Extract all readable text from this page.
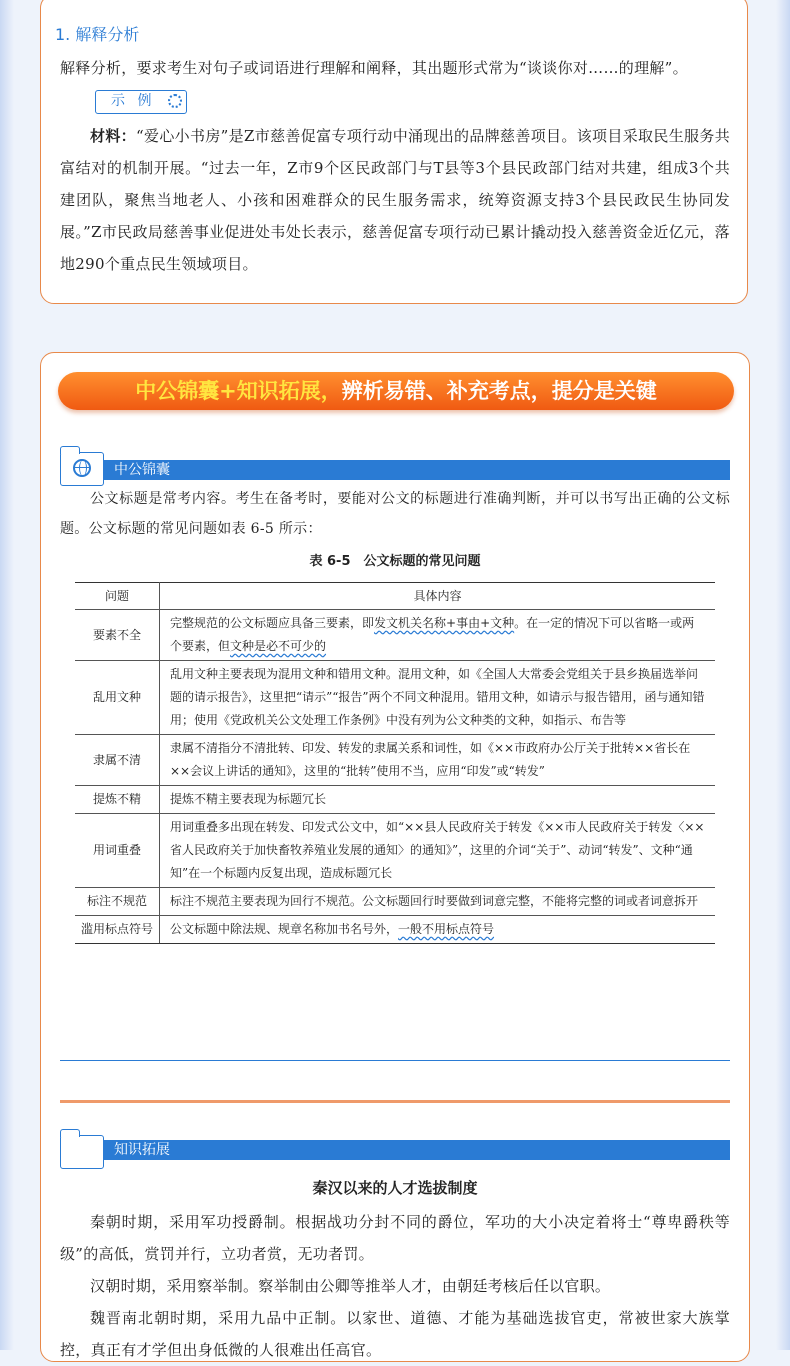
1. 解释分析
解释分析，要求考生对句子或词语进行理解和阐释，其出题形式常为“谈谈你对……的理解”。
示 例
材料：“爱心小书房”是Z市慈善促富专项行动中涌现出的品牌慈善项目。该项目采取民生服务共富结对的机制开展。“过去一年，Z市9个区民政部门与T县等3个县民政部门结对共建，组成3个共建团队，聚焦当地老人、小孩和困难群众的民生服务需求，统筹资源支持3个县民政民生协同发展。”Z市民政局慈善事业促进处韦处长表示，慈善促富专项行动已累计撬动投入慈善资金近亿元，落地290个重点民生领域项目。
中公锦囊+知识拓展，辨析易错、补充考点，提分是关键
中公锦囊
公文标题是常考内容。考生在备考时，要能对公文的标题进行准确判断，并可以书写出正确的公文标题。公文标题的常见问题如表 6-5 所示：
表 6-5　公文标题的常见问题
问题	具体内容
要素不全	完整规范的公文标题应具备三要素，即发文机关名称+事由+文种。在一定的情况下可以省略一或两个要素，但文种是必不可少的
乱用文种	乱用文种主要表现为混用文种和错用文种。混用文种，如《全国人大常委会党组关于县乡换届选举问题的请示报告》，这里把“请示”“报告”两个不同文种混用。错用文种，如请示与报告错用，函与通知错用；使用《党政机关公文处理工作条例》中没有列为公文种类的文种，如指示、布告等
隶属不清	隶属不清指分不清批转、印发、转发的隶属关系和词性，如《××市政府办公厅关于批转××省长在××会议上讲话的通知》，这里的“批转”使用不当，应用“印发”或“转发”
提炼不精	提炼不精主要表现为标题冗长
用词重叠	用词重叠多出现在转发、印发式公文中，如“××县人民政府关于转发《××市人民政府关于转发〈××省人民政府关于加快畜牧养殖业发展的通知〉的通知》”，这里的介词“关于”、动词“转发”、文种“通知”在一个标题内反复出现，造成标题冗长
标注不规范	标注不规范主要表现为回行不规范。公文标题回行时要做到词意完整，不能将完整的词或者词意拆开
滥用标点符号	公文标题中除法规、规章名称加书名号外，一般不用标点符号
知识拓展
秦汉以来的人才选拔制度
秦朝时期，采用军功授爵制。根据战功分封不同的爵位，军功的大小决定着将士“尊卑爵秩等级”的高低，赏罚并行，立功者赏，无功者罚。
汉朝时期，采用察举制。察举制由公卿等推举人才，由朝廷考核后任以官职。
魏晋南北朝时期，采用九品中正制。以家世、道德、才能为基础选拔官吏，常被世家大族掌控，真正有才学但出身低微的人很难出任高官。
